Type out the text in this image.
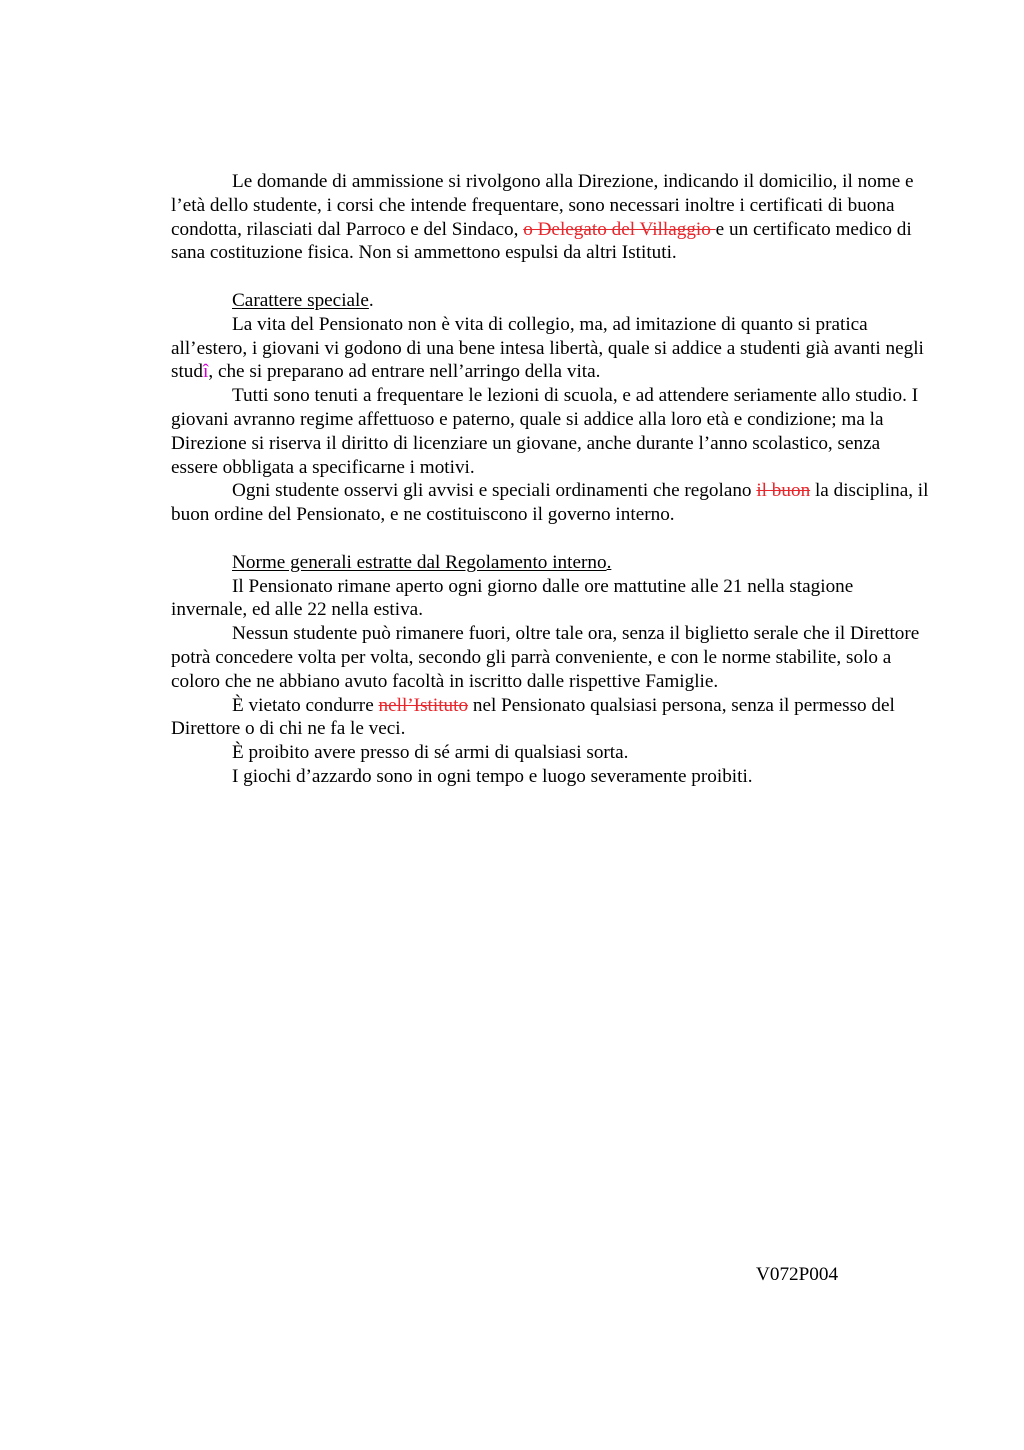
Le domande di ammissione si rivolgono alla Direzione, indicando il domicilio, il nome e l’età dello studente, i corsi che intende frequentare, sono necessari inoltre i certificati di buona condotta, rilasciati dal Parroco e del Sindaco, o Delegato del Villaggio e un certificato medico di sana costituzione fisica. Non si ammettono espulsi da altri Istituti.

Carattere speciale.

La vita del Pensionato non è vita di collegio, ma, ad imitazione di quanto si pratica all’estero, i giovani vi godono di una bene intesa libertà, quale si addice a studenti già avanti negli studî, che si preparano ad entrare nell’arringo della vita.

Tutti sono tenuti a frequentare le lezioni di scuola, e ad attendere seriamente allo studio. I giovani avranno regime affettuoso e paterno, quale si addice alla loro età e condizione; ma la Direzione si riserva il diritto di licenziare un giovane, anche durante l’anno scolastico, senza essere obbligata a specificarne i motivi.

Ogni studente osservi gli avvisi e speciali ordinamenti che regolano il buon la disciplina, il buon ordine del Pensionato, e ne costituiscono il governo interno.

Norme generali estratte dal Regolamento interno.

Il Pensionato rimane aperto ogni giorno dalle ore mattutine alle 21 nella stagione invernale, ed alle 22 nella estiva.

Nessun studente può rimanere fuori, oltre tale ora, senza il biglietto serale che il Direttore potrà concedere volta per volta, secondo gli parrà conveniente, e con le norme stabilite, solo a coloro che ne abbiano avuto facoltà in iscritto dalle rispettive Famiglie.

È vietato condurre nell’Istituto nel Pensionato qualsiasi persona, senza il permesso del Direttore o di chi ne fa le veci.

È proibito avere presso di sé armi di qualsiasi sorta.

I giochi d’azzardo sono in ogni tempo e luogo severamente proibiti.

V072P004
